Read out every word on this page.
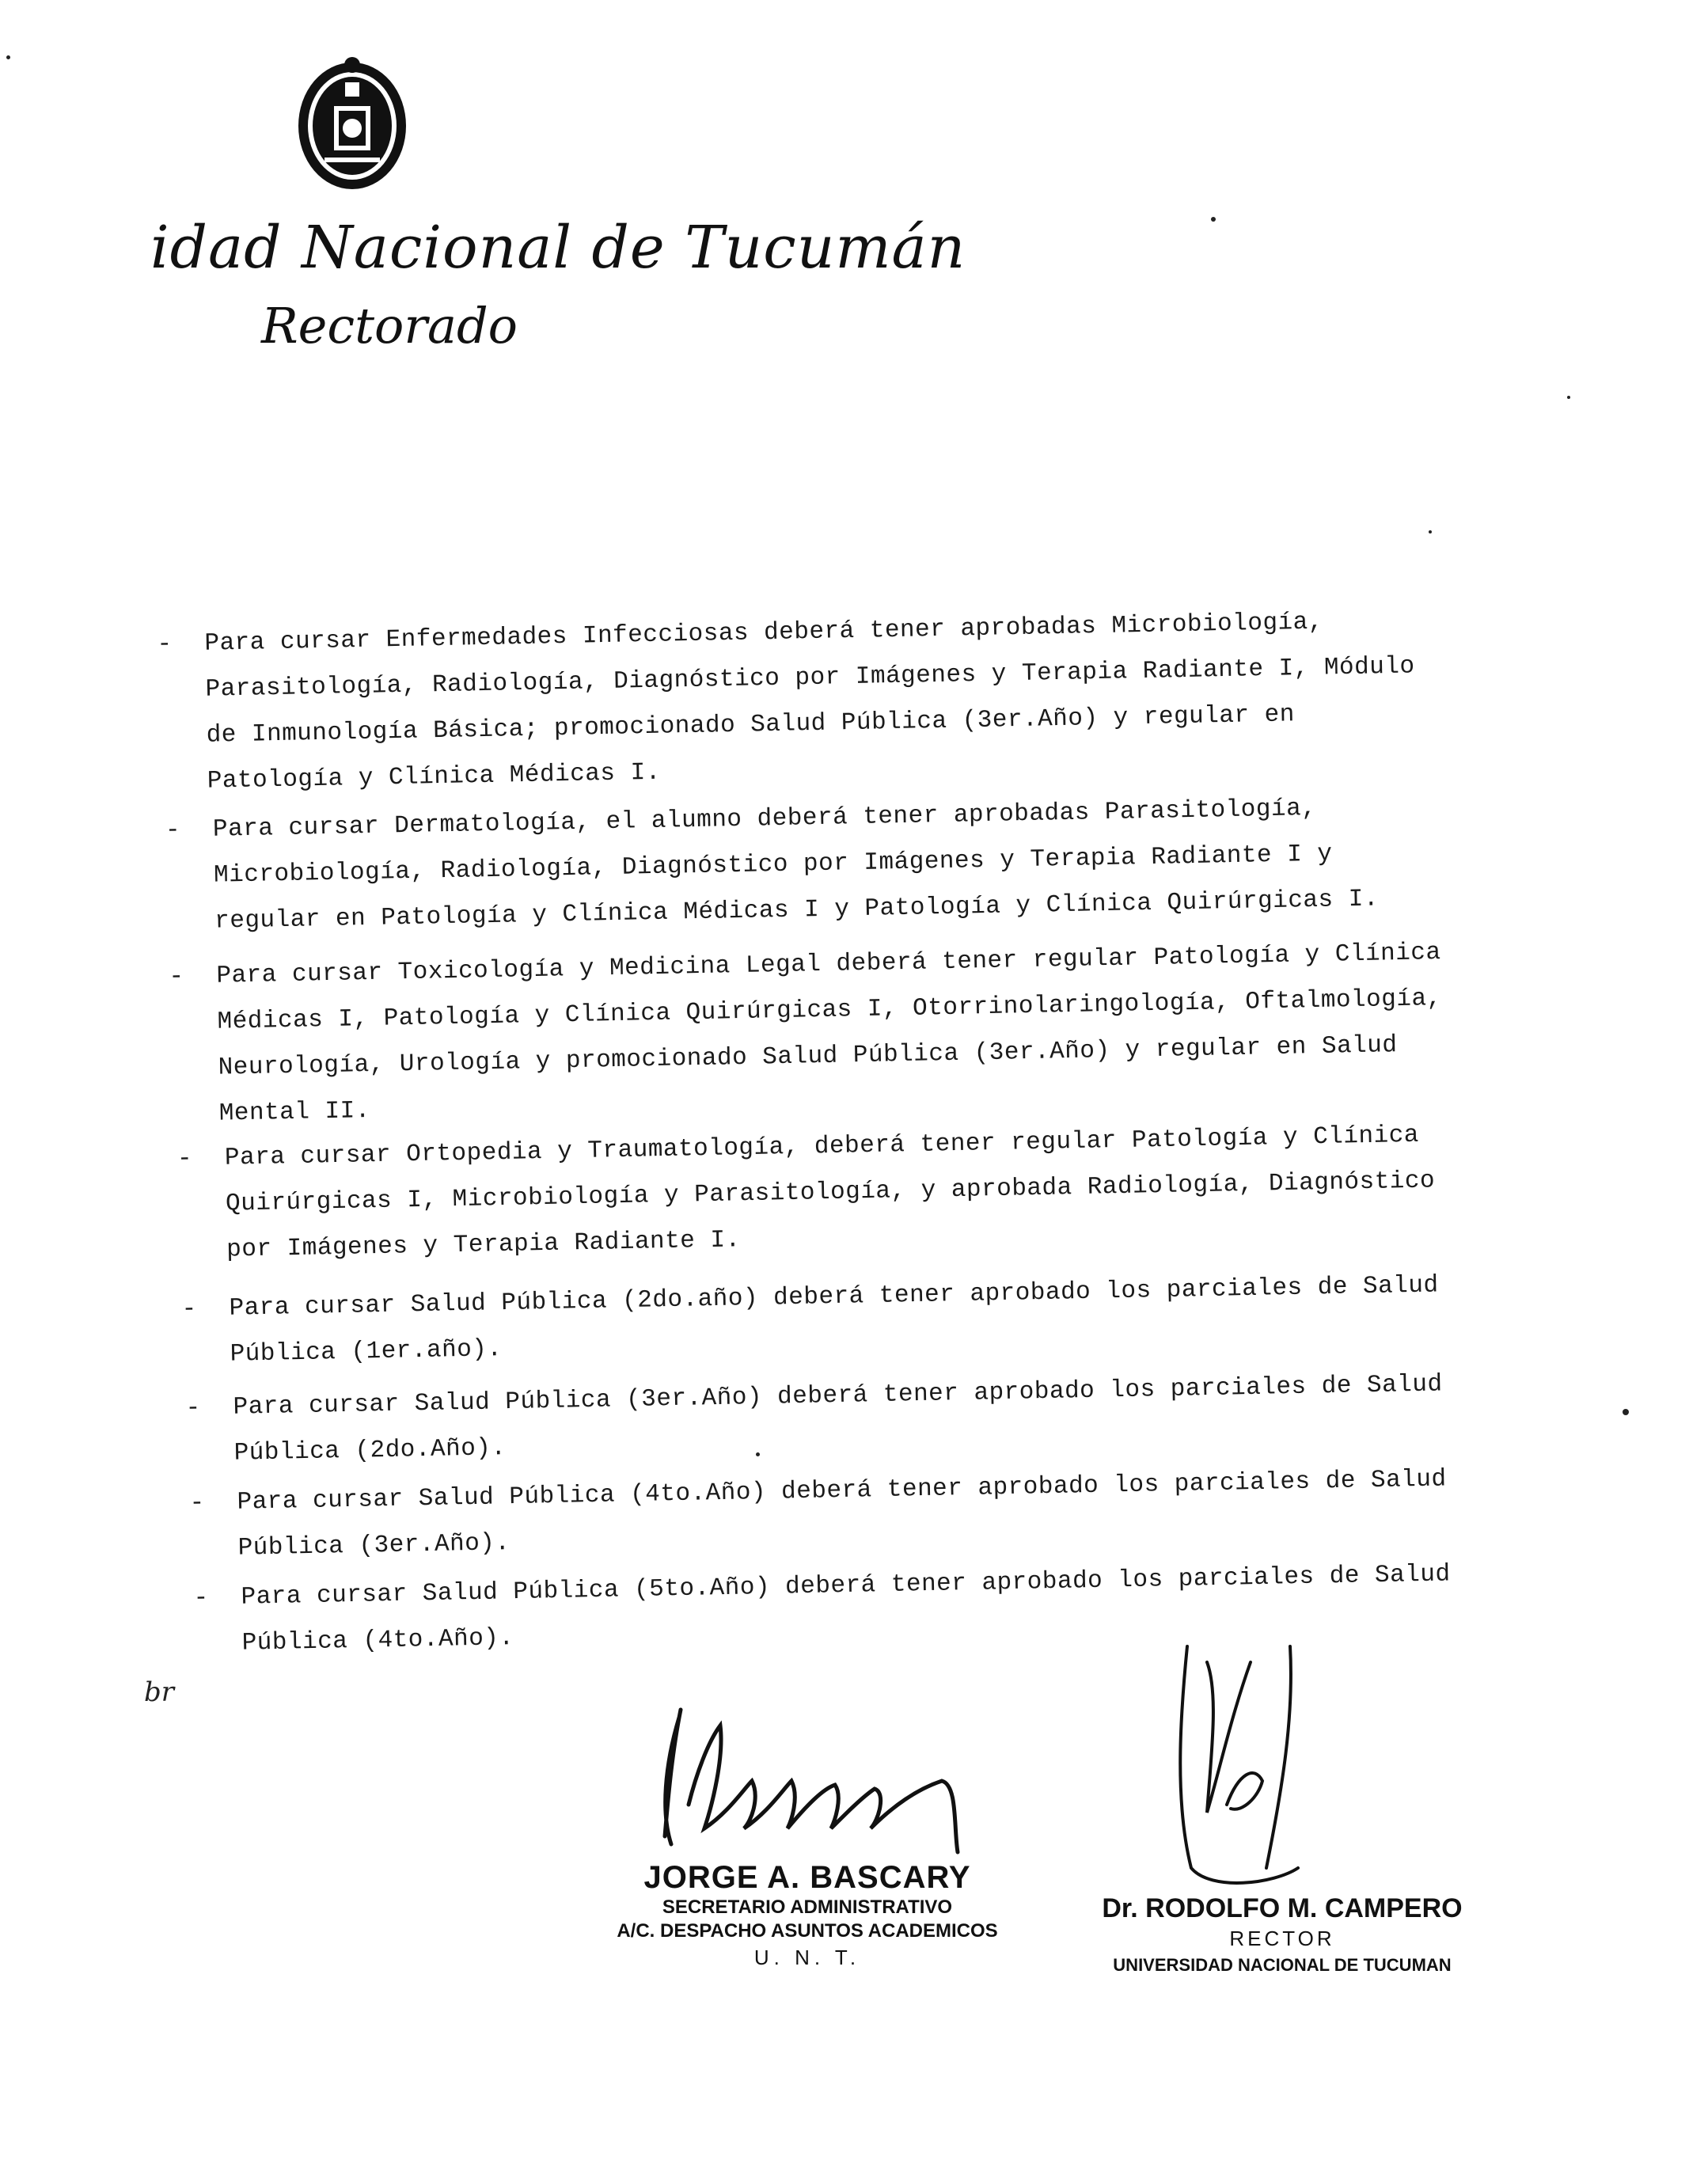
idad Nacional de Tucumán
Rectorado
- Para cursar Enfermedades Infecciosas deberá tener aprobadas Microbiología, Parasitología, Radiología, Diagnóstico por Imágenes y Terapia Radiante I, Módulo de Inmunología Básica; promocionado Salud Pública (3er.Año) y regular en Patología y Clínica Médicas I.
- Para cursar Dermatología, el alumno deberá tener aprobadas Parasitología, Microbiología, Radiología, Diagnóstico por Imágenes y Terapia Radiante I y regular en Patología y Clínica Médicas I y Patología y Clínica Quirúrgicas I.
- Para cursar Toxicología y Medicina Legal deberá tener regular Patología y Clínica Médicas I, Patología y Clínica Quirúrgicas I, Otorrinolaringología, Oftalmología, Neurología, Urología y promocionado Salud Pública (3er.Año) y regular en Salud Mental II.
- Para cursar Ortopedia y Traumatología, deberá tener regular Patología y Clínica Quirúrgicas I, Microbiología y Parasitología, y aprobada Radiología, Diagnóstico por Imágenes y Terapia Radiante I.
- Para cursar Salud Pública (2do.año) deberá tener aprobado los parciales de Salud Pública (1er.año).
- Para cursar Salud Pública (3er.Año) deberá tener aprobado los parciales de Salud Pública (2do.Año).
- Para cursar Salud Pública (4to.Año) deberá tener aprobado los parciales de Salud Pública (3er.Año).
- Para cursar Salud Pública (5to.Año) deberá tener aprobado los parciales de Salud Pública (4to.Año).
br
JORGE A. BASCARY
SECRETARIO ADMINISTRATIVO
A/C. DESPACHO ASUNTOS ACADEMICOS
U. N. T.
Dr. RODOLFO M. CAMPERO
RECTOR
UNIVERSIDAD NACIONAL DE TUCUMAN
